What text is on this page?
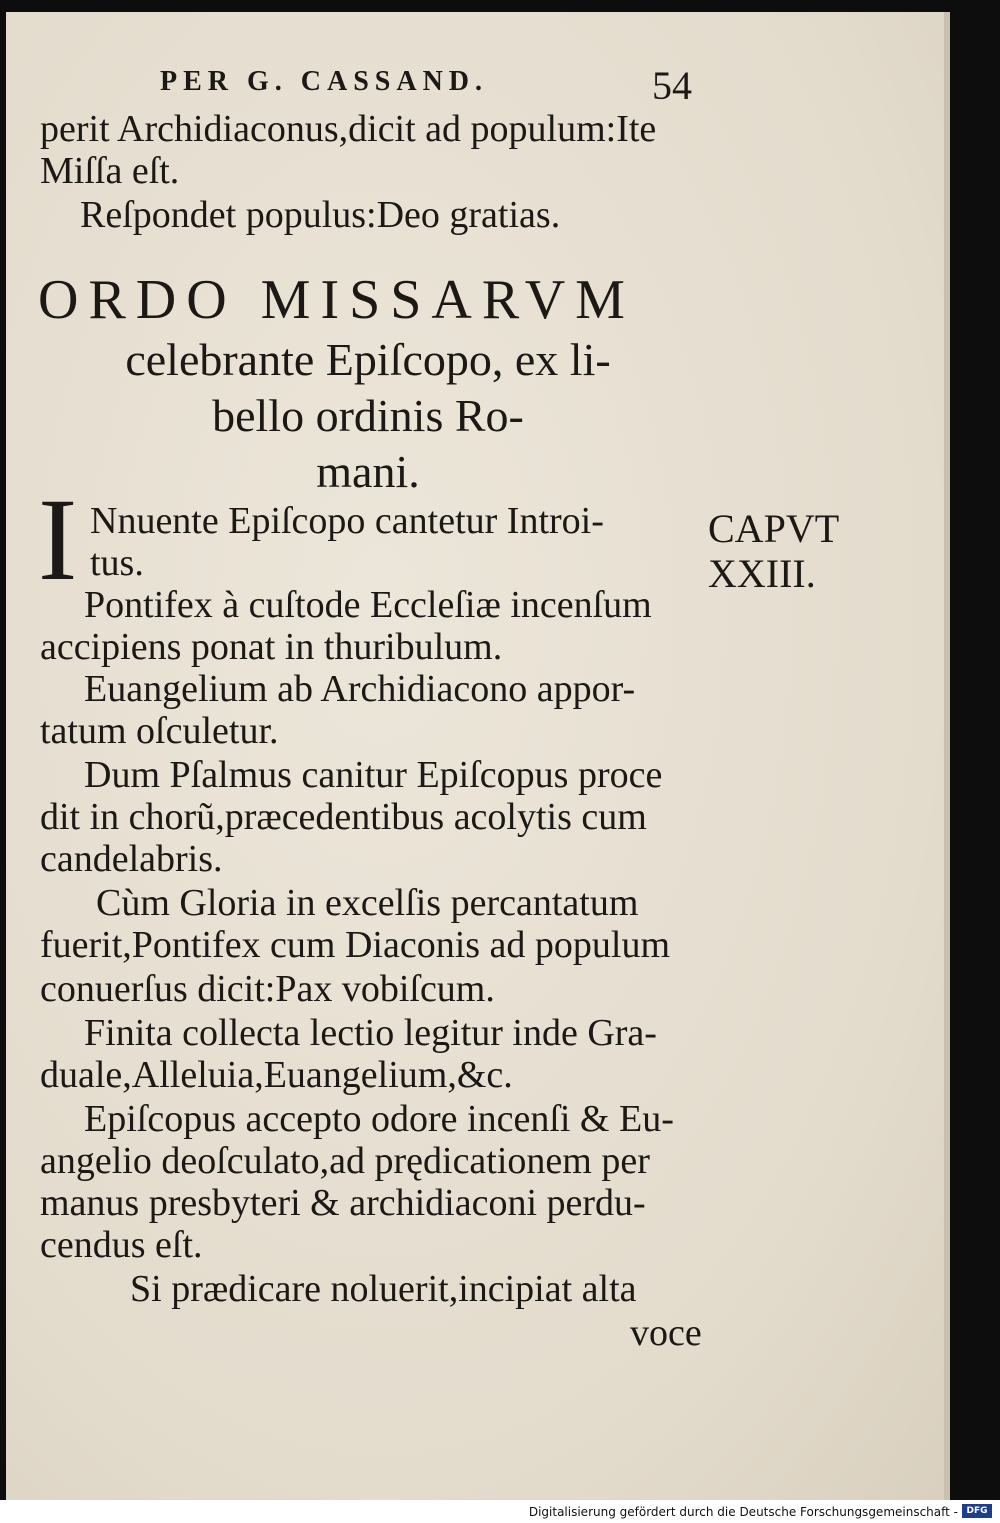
PER G. CASSAND.	54
perit Archidiaconus,dicit ad populum:Ite
Miſſa eſt.
Reſpondet populus:Deo gratias.
ORDO MISSARVM
celebrante Epiſcopo, ex li-
bello ordinis Ro-
mani.
I	CAPVT
XXIII.
Nnuente Epiſcopo cantetur Introi-
tus.
Pontifex à cuſtode Eccleſiæ incenſum
accipiens ponat in thuribulum.
Euangelium ab Archidiacono appor-
tatum oſculetur.
Dum Pſalmus canitur Epiſcopus proce
dit in chorũ,præcedentibus acolytis cum
candelabris.
Cùm Gloria in excelſis percantatum
fuerit,Pontifex cum Diaconis ad populum
conuerſus dicit:Pax vobiſcum.
Finita collecta lectio legitur inde Gra-
duale,Alleluia,Euangelium,&c.
Epiſcopus accepto odore incenſi & Eu-
angelio deoſculato,ad prędicationem per
manus presbyteri & archidiaconi perdu-
cendus eſt.
Si prædicare noluerit,incipiat alta
voce
Digitalisierung gefördert durch die Deutsche Forschungsgemeinschaft - DFG
